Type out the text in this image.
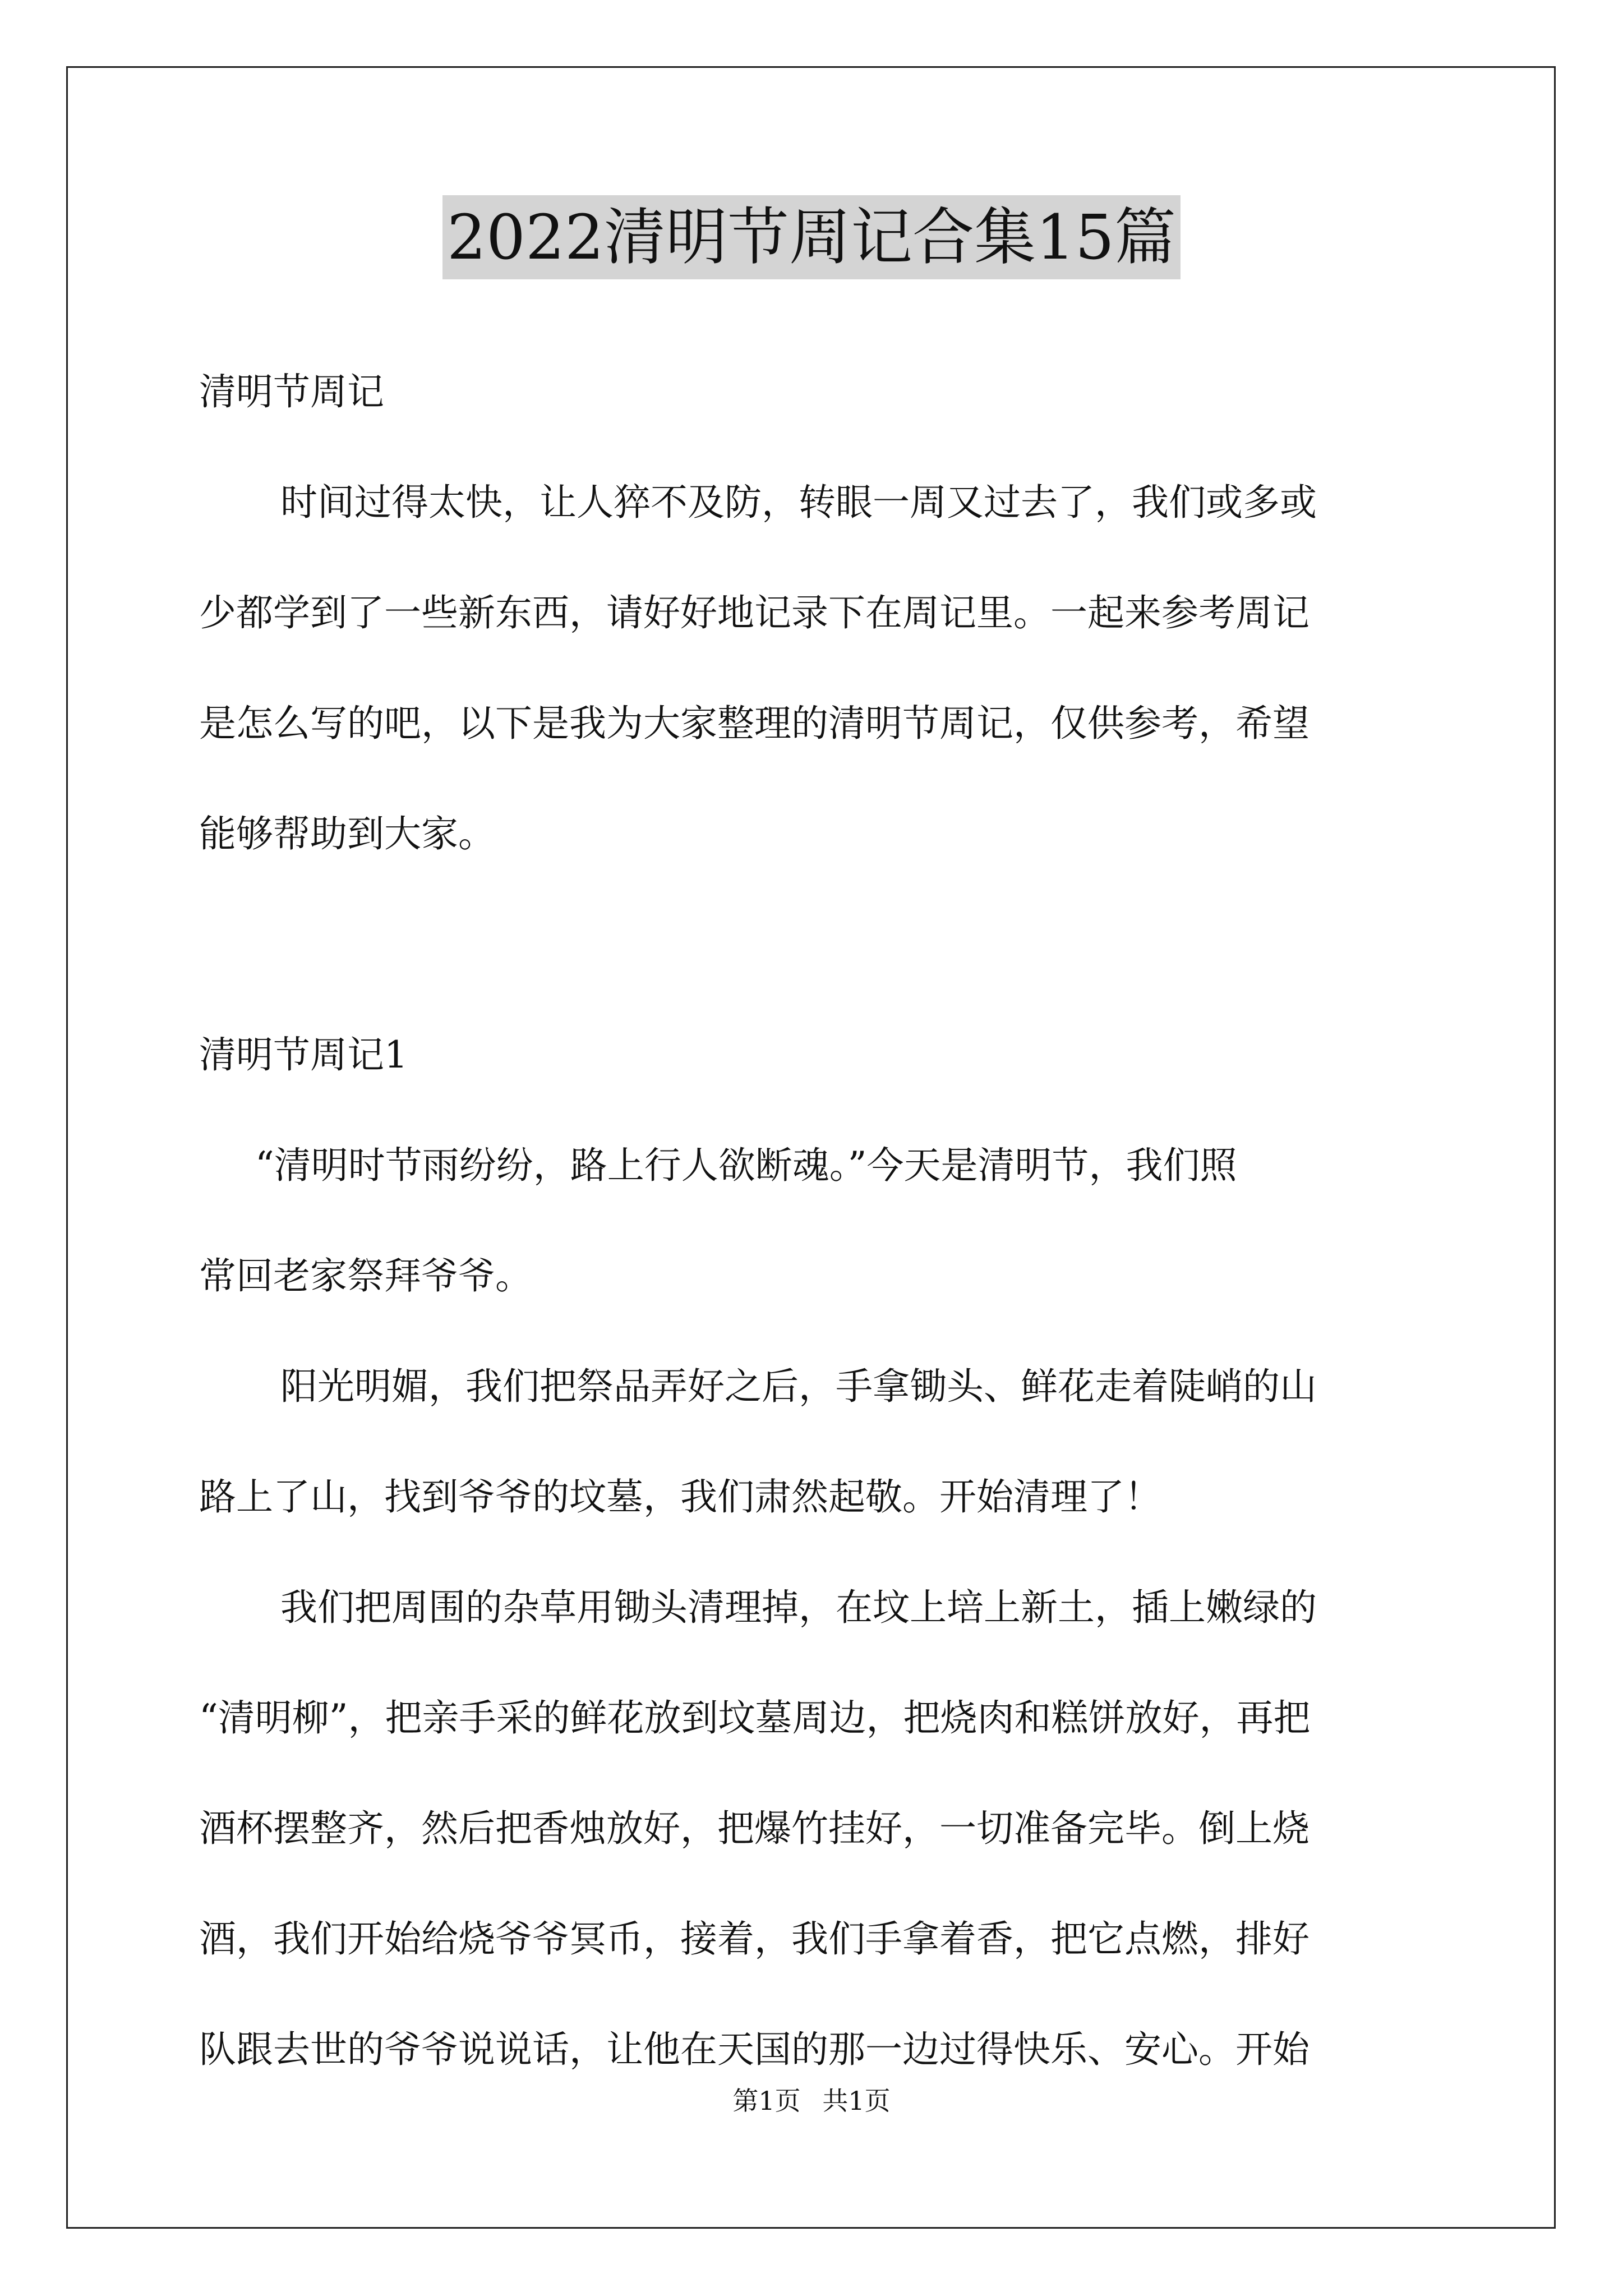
2022清明节周记合集15篇
清明节周记
时间过得太快，让人猝不及防，转眼一周又过去了，我们或多或
少都学到了一些新东西，请好好地记录下在周记里。一起来参考周记
是怎么写的吧，以下是我为大家整理的清明节周记，仅供参考，希望
能够帮助到大家。
清明节周记1
“清明时节雨纷纷，路上行人欲断魂。”今天是清明节，我们照
常回老家祭拜爷爷。
阳光明媚，我们把祭品弄好之后，手拿锄头、鲜花走着陡峭的山
路上了山，找到爷爷的坟墓，我们肃然起敬。开始清理了！
我们把周围的杂草用锄头清理掉，在坟上培上新土，插上嫩绿的
“清明柳”，把亲手采的鲜花放到坟墓周边，把烧肉和糕饼放好，再把
酒杯摆整齐，然后把香烛放好，把爆竹挂好，一切准备完毕。倒上烧
酒，我们开始给烧爷爷冥币，接着，我们手拿着香，把它点燃，排好
队跟去世的爷爷说说话，让他在天国的那一边过得快乐、安心。开始
第1页 共1页
